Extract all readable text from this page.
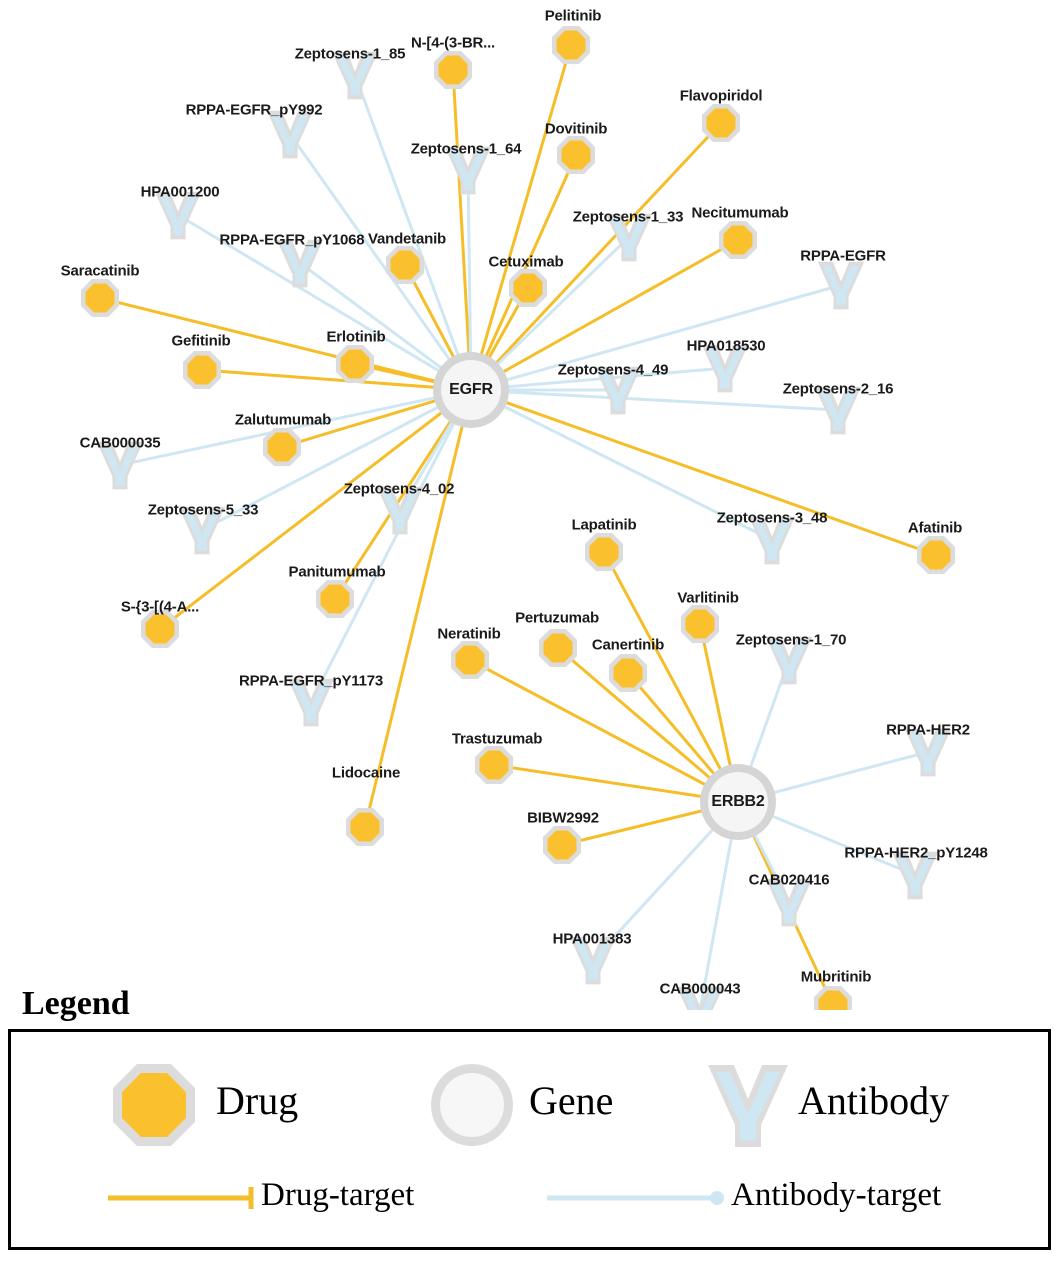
Zeptosens-1_85
RPPA-EGFR_pY992
Zeptosens-1_64
HPA001200
Zeptosens-1_33
RPPA-EGFR_pY1068
RPPA-EGFR
HPA018530
Zeptosens-4_49
Zeptosens-2_16
CAB000035
Zeptosens-4_02
Zeptosens-5_33	Zeptosens-3_48
Zeptosens-1_70
RPPA-EGFR_pY1173
RPPA-HER2
RPPA-HER2_pY1248
CAB020416
HPA001383
CAB000043
Pelitinib
N-[4-(3-BR...
Flavopiridol
Dovitinib
Necitumumab
Vandetanib
Cetuximab
Saracatinib
Erlotinib
Gefitinib
Zalutumumab
Afatinib
Lapatinib
Panitumumab
Varlitinib
S-{3-[(4-A...
Pertuzumab
Neratinib
Canertinib
Trastuzumab
Lidocaine
BIBW2992
Mubritinib
EGFR
ERBB2
Legend
Drug	Gene	Antibody
Drug-target	Antibody-target
